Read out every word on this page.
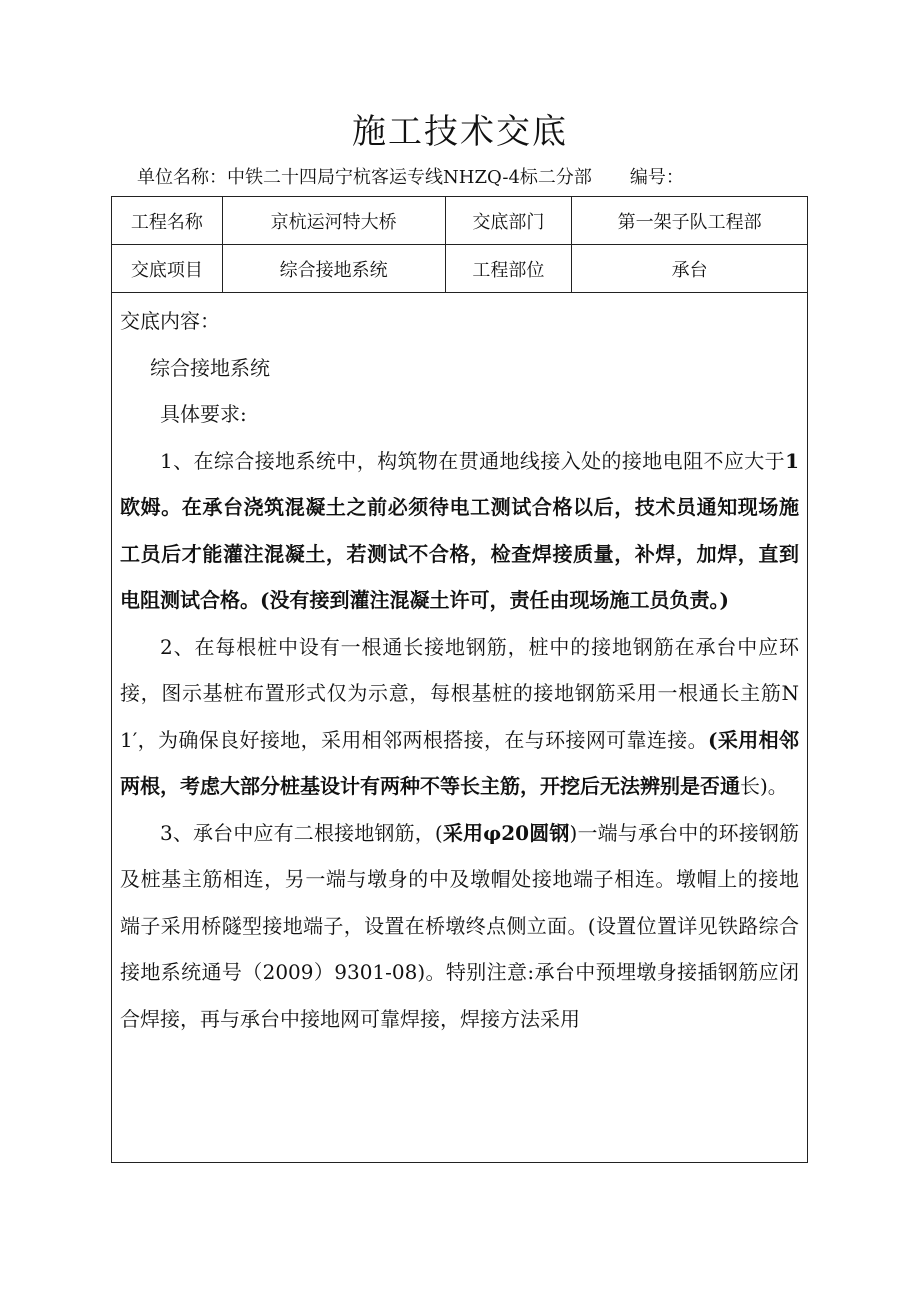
施工技术交底
单位名称：中铁二十四局宁杭客运专线NHZQ-4标二分部 编号：
工程名称	京杭运河特大桥	交底部门	第一架子队工程部
交底项目	综合接地系统	工程部位	承台

交底内容：

综合接地系统

具体要求:

1、在综合接地系统中，构筑物在贯通地线接入处的接地电阻不应大于1欧姆。在承台浇筑混凝土之前必须待电工测试合格以后，技术员通知现场施工员后才能灌注混凝土，若测试不合格，检查焊接质量，补焊，加焊，直到电阻测试合格。(没有接到灌注混凝土许可，责任由现场施工员负责。)

2、在每根桩中设有一根通长接地钢筋，桩中的接地钢筋在承台中应环接，图示基桩布置形式仅为示意，每根基桩的接地钢筋采用一根通长主筋N1′，为确保良好接地，采用相邻两根搭接，在与环接网可靠连接。(采用相邻两根，考虑大部分桩基设计有两种不等长主筋，开挖后无法辨别是否通长)。

3、承台中应有二根接地钢筋，(采用φ20圆钢)一端与承台中的环接钢筋及桩基主筋相连，另一端与墩身的中及墩帽处接地端子相连。墩帽上的接地端子采用桥隧型接地端子，设置在桥墩终点侧立面。(设置位置详见铁路综合接地系统通号（2009）9301-08)。特别注意:承台中预埋墩身接插钢筋应闭合焊接，再与承台中接地网可靠焊接，焊接方法采用
